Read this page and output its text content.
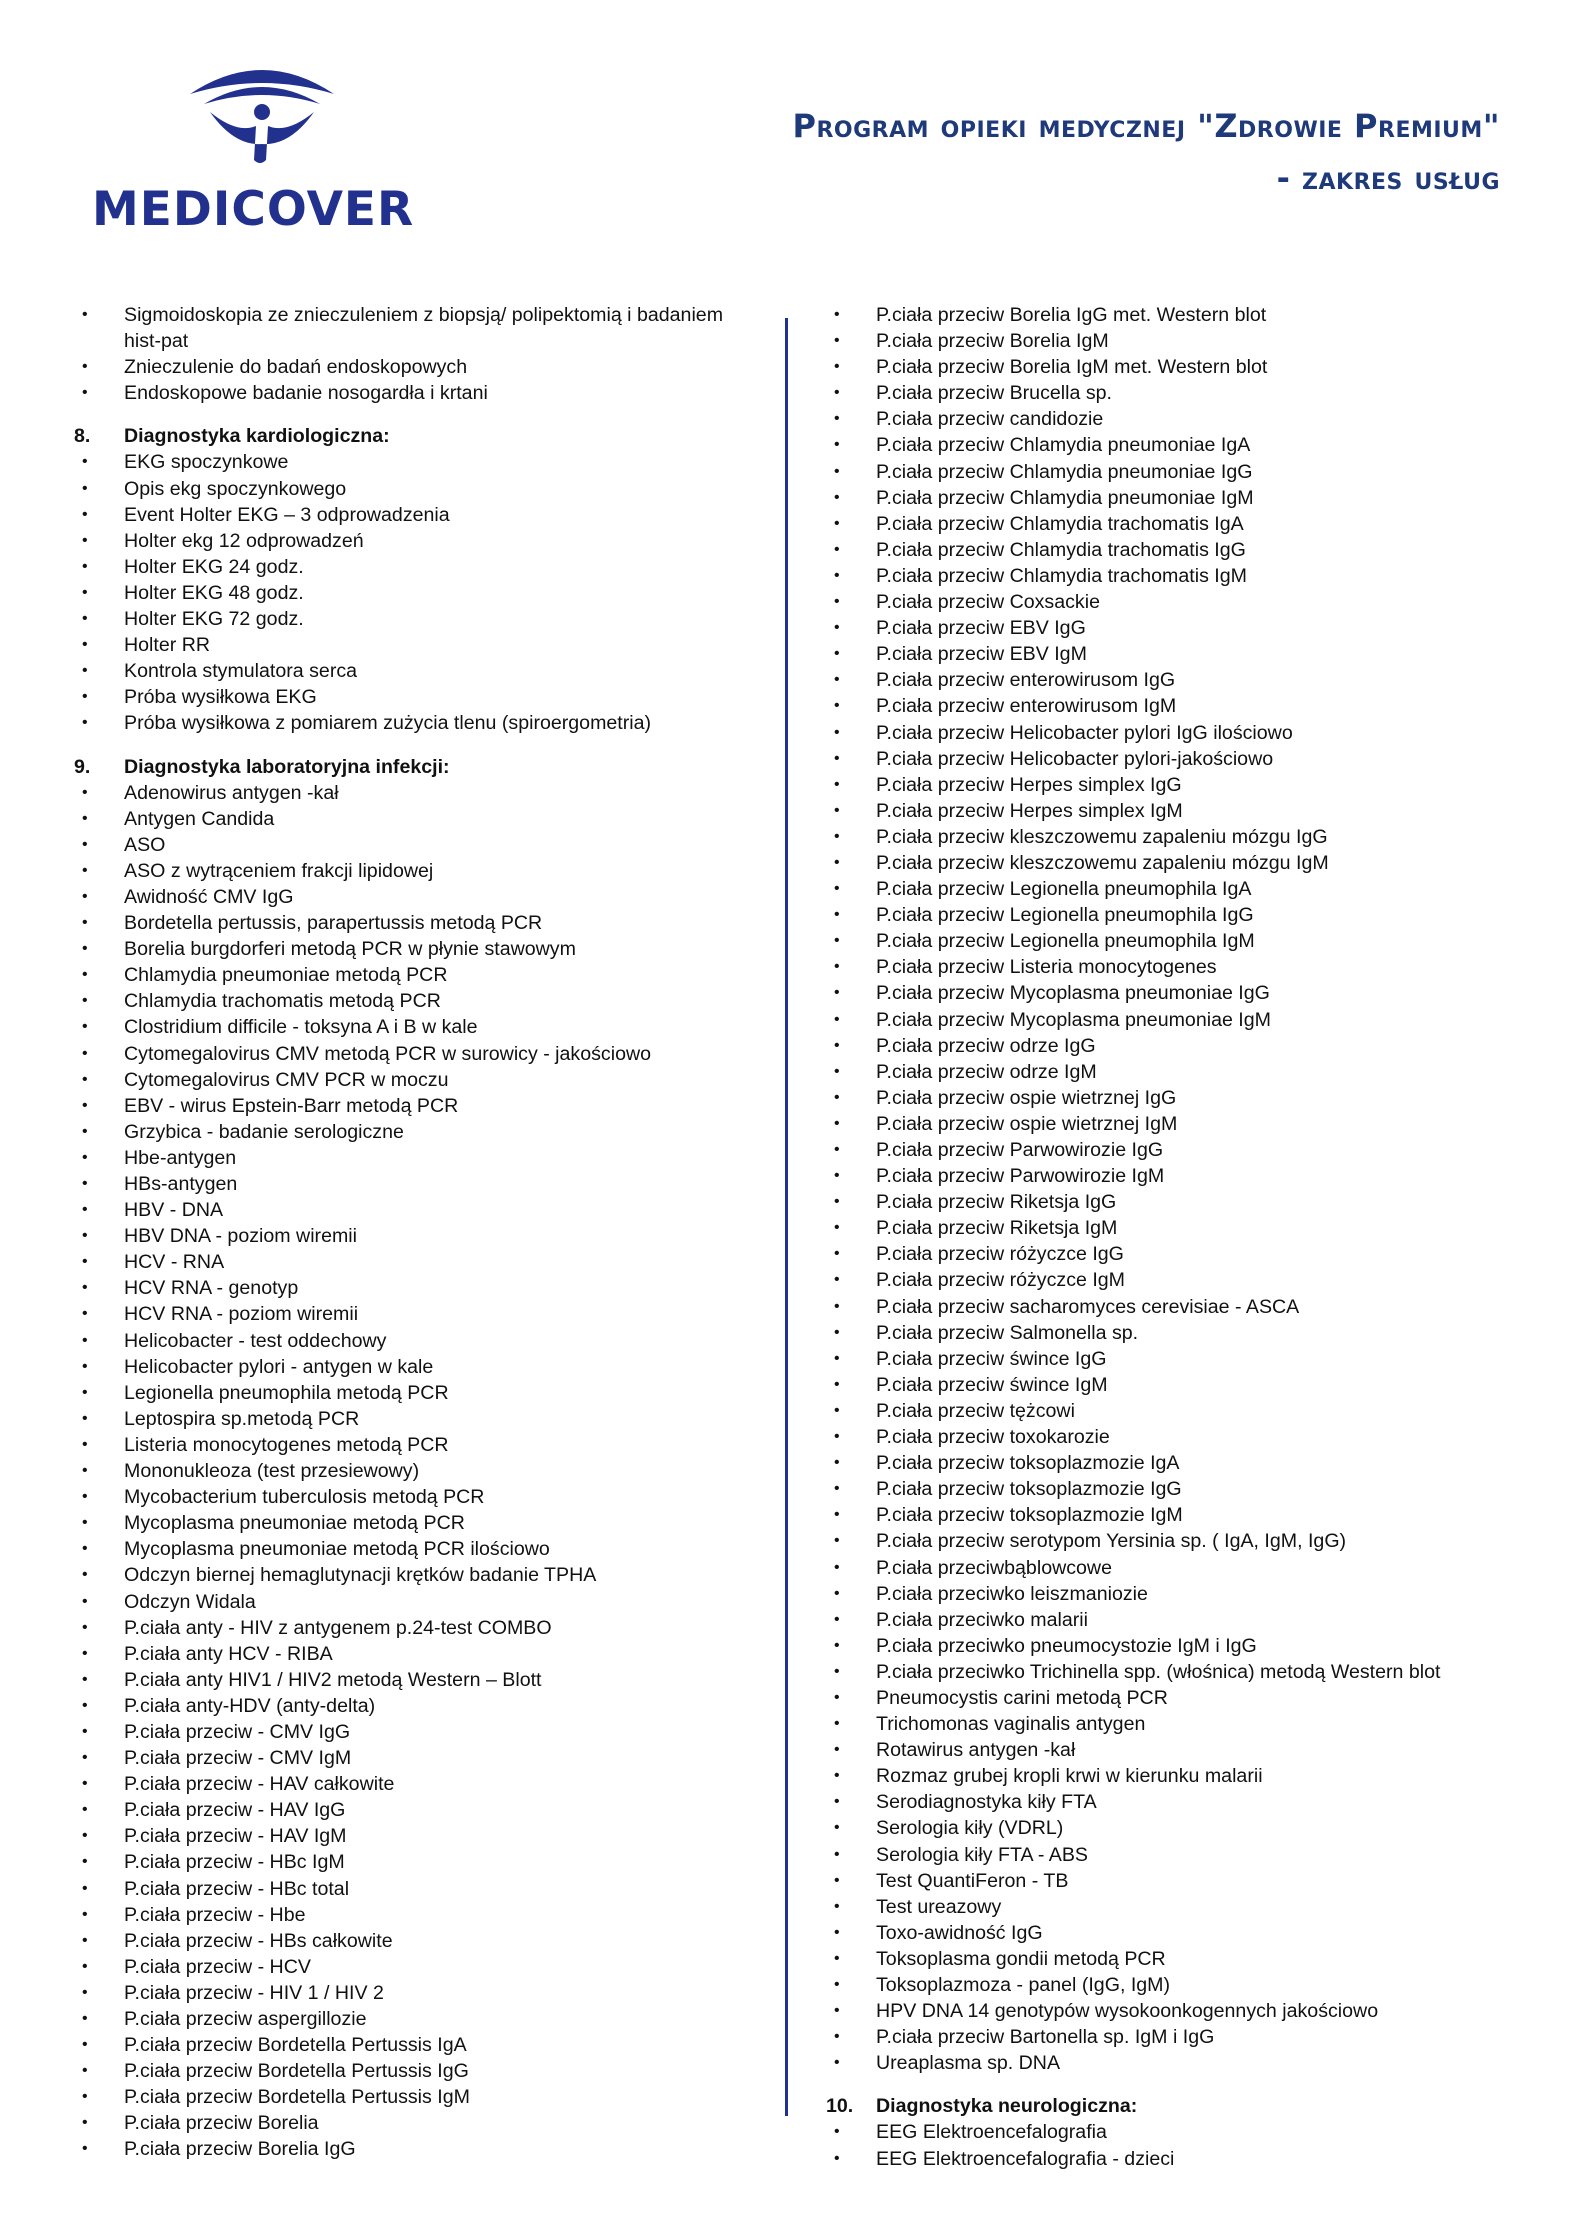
MEDICOVER
Program opieki medycznej "Zdrowie Premium"
- zakres usług
• Sigmoidoskopia ze znieczuleniem z biopsją/ polipektomią i badaniem hist-pat
• Znieczulenie do badań endoskopowych
• Endoskopowe badanie nosogardła i krtani
8. Diagnostyka kardiologiczna:
• EKG spoczynkowe
• Opis ekg spoczynkowego
• Event Holter EKG – 3 odprowadzenia
• Holter ekg 12 odprowadzeń
• Holter EKG 24 godz.
• Holter EKG 48 godz.
• Holter EKG 72 godz.
• Holter RR
• Kontrola stymulatora serca
• Próba wysiłkowa EKG
• Próba wysiłkowa z pomiarem zużycia tlenu (spiroergometria)
9. Diagnostyka laboratoryjna infekcji:
• Adenowirus antygen -kał
• Antygen Candida
• ASO
• ASO z wytrąceniem frakcji lipidowej
• Awidność CMV IgG
• Bordetella pertussis, parapertussis metodą PCR
• Borelia burgdorferi metodą PCR w płynie stawowym
• Chlamydia pneumoniae metodą PCR
• Chlamydia trachomatis metodą PCR
• Clostridium difficile - toksyna A i B w kale
• Cytomegalovirus CMV metodą PCR w surowicy - jakościowo
• Cytomegalovirus CMV PCR w moczu
• EBV - wirus Epstein-Barr metodą PCR
• Grzybica - badanie serologiczne
• Hbe-antygen
• HBs-antygen
• HBV - DNA
• HBV DNA - poziom wiremii
• HCV - RNA
• HCV RNA - genotyp
• HCV RNA - poziom wiremii
• Helicobacter - test oddechowy
• Helicobacter pylori - antygen w kale
• Legionella pneumophila metodą PCR
• Leptospira sp.metodą PCR
• Listeria monocytogenes metodą PCR
• Mononukleoza (test przesiewowy)
• Mycobacterium tuberculosis metodą PCR
• Mycoplasma pneumoniae metodą PCR
• Mycoplasma pneumoniae metodą PCR ilościowo
• Odczyn biernej hemaglutynacji krętków badanie TPHA
• Odczyn Widala
• P.ciała anty - HIV z antygenem p.24-test COMBO
• P.ciała anty HCV - RIBA
• P.ciała anty HIV1 / HIV2 metodą Western – Blott
• P.ciała anty-HDV (anty-delta)
• P.ciała przeciw - CMV IgG
• P.ciała przeciw - CMV IgM
• P.ciała przeciw - HAV całkowite
• P.ciała przeciw - HAV IgG
• P.ciała przeciw - HAV IgM
• P.ciała przeciw - HBc IgM
• P.ciała przeciw - HBc total
• P.ciała przeciw - Hbe
• P.ciała przeciw - HBs całkowite
• P.ciała przeciw - HCV
• P.ciała przeciw - HIV 1 / HIV 2
• P.ciała przeciw aspergillozie
• P.ciała przeciw Bordetella Pertussis IgA
• P.ciała przeciw Bordetella Pertussis IgG
• P.ciała przeciw Bordetella Pertussis IgM
• P.ciała przeciw Borelia
• P.ciała przeciw Borelia IgG
• P.ciała przeciw Borelia IgG met. Western blot
• P.ciała przeciw Borelia IgM
• P.ciała przeciw Borelia IgM met. Western blot
• P.ciała przeciw Brucella sp.
• P.ciała przeciw candidozie
• P.ciała przeciw Chlamydia pneumoniae IgA
• P.ciała przeciw Chlamydia pneumoniae IgG
• P.ciała przeciw Chlamydia pneumoniae IgM
• P.ciała przeciw Chlamydia trachomatis IgA
• P.ciała przeciw Chlamydia trachomatis IgG
• P.ciała przeciw Chlamydia trachomatis IgM
• P.ciała przeciw Coxsackie
• P.ciała przeciw EBV IgG
• P.ciała przeciw EBV IgM
• P.ciała przeciw enterowirusom IgG
• P.ciała przeciw enterowirusom IgM
• P.ciała przeciw Helicobacter pylori IgG ilościowo
• P.ciała przeciw Helicobacter pylori-jakościowo
• P.ciała przeciw Herpes simplex IgG
• P.ciała przeciw Herpes simplex IgM
• P.ciała przeciw kleszczowemu zapaleniu mózgu IgG
• P.ciała przeciw kleszczowemu zapaleniu mózgu IgM
• P.ciała przeciw Legionella pneumophila IgA
• P.ciała przeciw Legionella pneumophila IgG
• P.ciała przeciw Legionella pneumophila IgM
• P.ciała przeciw Listeria monocytogenes
• P.ciała przeciw Mycoplasma pneumoniae IgG
• P.ciała przeciw Mycoplasma pneumoniae IgM
• P.ciała przeciw odrze IgG
• P.ciała przeciw odrze IgM
• P.ciała przeciw ospie wietrznej IgG
• P.ciała przeciw ospie wietrznej IgM
• P.ciała przeciw Parwowirozie IgG
• P.ciała przeciw Parwowirozie IgM
• P.ciała przeciw Riketsja IgG
• P.ciała przeciw Riketsja IgM
• P.ciała przeciw różyczce IgG
• P.ciała przeciw różyczce IgM
• P.ciała przeciw sacharomyces cerevisiae - ASCA
• P.ciała przeciw Salmonella sp.
• P.ciała przeciw śwince IgG
• P.ciała przeciw śwince IgM
• P.ciała przeciw tężcowi
• P.ciała przeciw toxokarozie
• P.ciała przeciw toksoplazmozie IgA
• P.ciała przeciw toksoplazmozie IgG
• P.ciała przeciw toksoplazmozie IgM
• P.ciała przeciw serotypom Yersinia sp. ( IgA, IgM, IgG)
• P.ciała przeciwbąblowcowe
• P.ciała przeciwko leiszmaniozie
• P.ciała przeciwko malarii
• P.ciała przeciwko pneumocystozie IgM i IgG
• P.ciała przeciwko Trichinella spp. (włośnica) metodą Western blot
• Pneumocystis carini metodą PCR
• Trichomonas vaginalis antygen
• Rotawirus antygen -kał
• Rozmaz grubej kropli krwi w kierunku malarii
• Serodiagnostyka kiły FTA
• Serologia kiły (VDRL)
• Serologia kiły FTA - ABS
• Test QuantiFeron - TB
• Test ureazowy
• Toxo-awidność IgG
• Toksoplasma gondii metodą PCR
• Toksoplazmoza - panel (IgG, IgM)
• HPV DNA 14 genotypów wysokoonkogennych jakościowo
• P.ciała przeciw Bartonella sp. IgM i IgG
• Ureaplasma sp. DNA
10. Diagnostyka neurologiczna:
• EEG Elektroencefalografia
• EEG Elektroencefalografia - dzieci
